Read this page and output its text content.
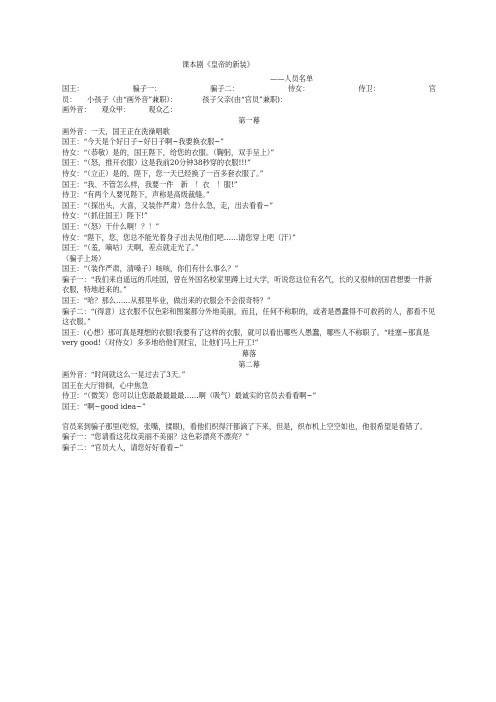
课本剧《皇帝的新装》
——人员名单
国王：	骗子一：	骗子二：	侍女：	侍卫：	官
员：　　小孩子（由“画外音”兼职）：　　　　孩子父亲(由“官员”兼职)：
画外音：　　观众甲：　　　观众乙：
第一幕
画外音：一天，国王正在洗澡唱歌
国王：“今天是个好日子~好日子啊~我要换衣服~”
侍女：“（恭敬）是的，国王陛下，给您的衣服。（鞠躬，双手呈上）”
国王：“（怒，推开衣服）这是我前20分钟38秒穿的衣服!!!”
侍女：“（立正）是的，陛下，您一天已经换了一百多套衣服了。”
国王：“我、不管怎么样，我要一件　新　！衣　！服!”
侍卫：“有两个人要见陛下，声称是高级裁缝。”
国王：“（探出头，大喜，又装作严肃）急什么急，走，出去看看~”
侍女：“（抓住国王）陛下!”
国王：“（怒）干什么啊！？！”
侍女：“陛下，您，您总不能光着身子出去见他们吧……请您穿上吧（汗）”
国王：“（羞，嘀咕）天啊，差点就走光了。”
（骗子上场）
国王：“（装作严肃，清嗓子）咳咳，你们有什么事么？”
骗子一：“我们来自遥远的爪哇国，曾在外国名校家里蹲上过大学，听说您这位有名气，长的又很帅的国君想要一件新衣服，特地赶来的。”
国王：“哈？那么……从那里毕业，做出来的衣服会不会很奇特？”
骗子二：“(得意）这衣服不仅色彩和图案都分外地美丽，而且，任何不称职的，或者是愚蠢得不可救药的人，都看不见这衣服。”
国王：(心想）那可真是理想的衣服!我要有了这样的衣服，就可以看出哪些人愚蠢，哪些人不称职了。“哇塞~那真是very good!（对侍女）多多地给他们财宝，让他们马上开工!”
幕落
第二幕
画外音：“时间就这么一晃过去了3天。”
国王在大厅徘徊，心中焦急
侍卫：“（微笑）您可以让您最最最最最……啊（吸气）最诚实的官员去看看啊~”
国王：“啊~good idea~”
官员来到骗子那里(吃惊，张嘴，揉眼)，看他们织得汗都滴了下来，但是，织布机上空空如也，他很希望是看错了。
骗子一：“您请看这花纹美丽不美丽？这色彩漂亮不漂亮？”
骗子二：“官员大人，请您好好看看~”
